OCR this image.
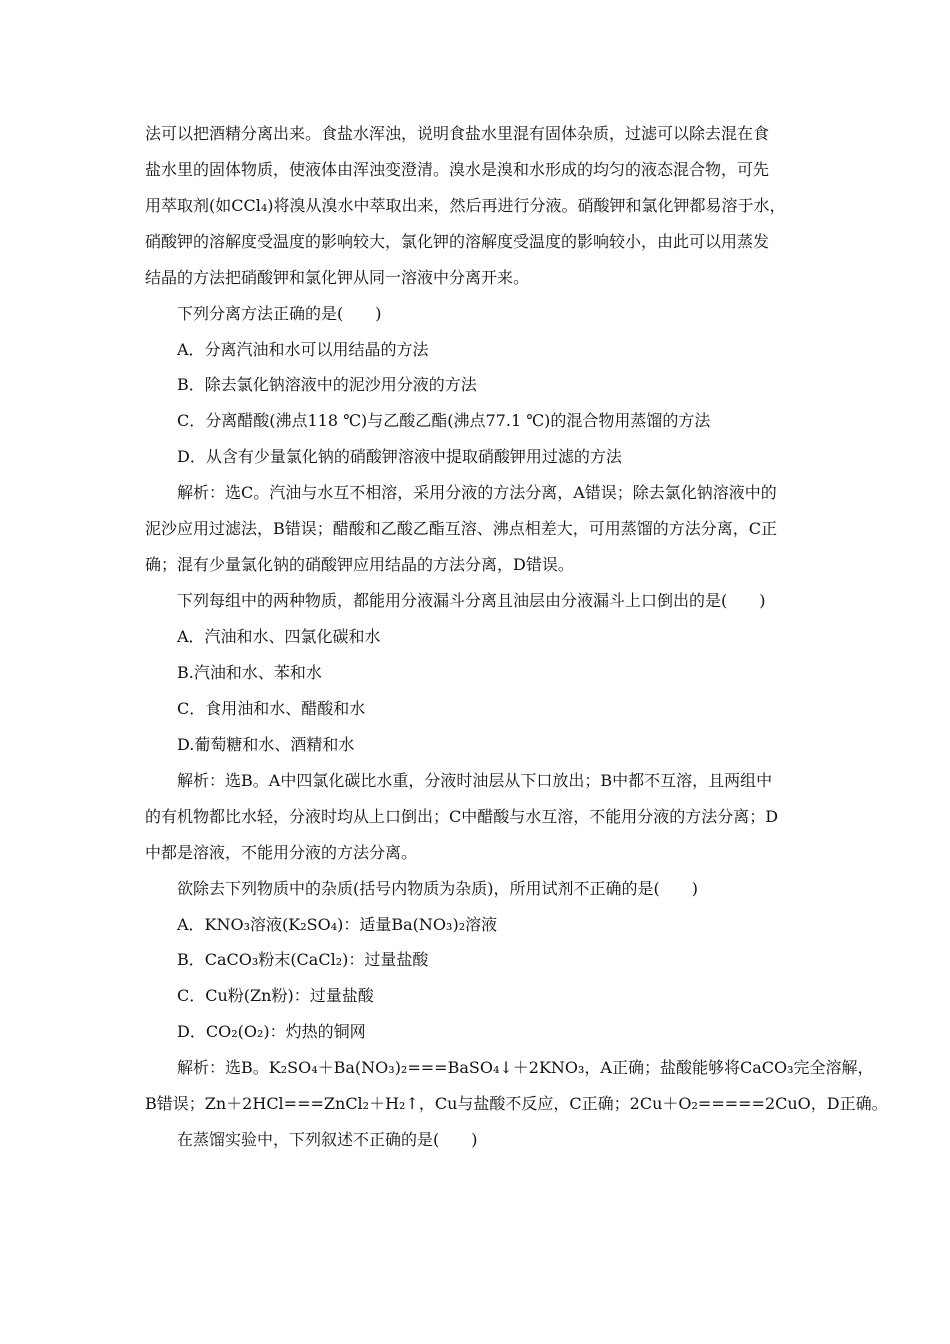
法可以把酒精分离出来。食盐水浑浊，说明食盐水里混有固体杂质，过滤可以除去混在食
盐水里的固体物质，使液体由浑浊变澄清。溴水是溴和水形成的均匀的液态混合物，可先
用萃取剂(如CCl₄)将溴从溴水中萃取出来，然后再进行分液。硝酸钾和氯化钾都易溶于水，
硝酸钾的溶解度受温度的影响较大，氯化钾的溶解度受温度的影响较小，由此可以用蒸发
结晶的方法把硝酸钾和氯化钾从同一溶液中分离开来。
下列分离方法正确的是(　　)
A．分离汽油和水可以用结晶的方法
B．除去氯化钠溶液中的泥沙用分液的方法
C．分离醋酸(沸点118 ℃)与乙酸乙酯(沸点77.1 ℃)的混合物用蒸馏的方法
D．从含有少量氯化钠的硝酸钾溶液中提取硝酸钾用过滤的方法
解析：选C。汽油与水互不相溶，采用分液的方法分离，A错误；除去氯化钠溶液中的
泥沙应用过滤法，B错误；醋酸和乙酸乙酯互溶、沸点相差大，可用蒸馏的方法分离，C正
确；混有少量氯化钠的硝酸钾应用结晶的方法分离，D错误。
下列每组中的两种物质，都能用分液漏斗分离且油层由分液漏斗上口倒出的是(　　)
A．汽油和水、四氯化碳和水
B.汽油和水、苯和水
C．食用油和水、醋酸和水
D.葡萄糖和水、酒精和水
解析：选B。A中四氯化碳比水重，分液时油层从下口放出；B中都不互溶，且两组中
的有机物都比水轻，分液时均从上口倒出；C中醋酸与水互溶，不能用分液的方法分离；D
中都是溶液，不能用分液的方法分离。
欲除去下列物质中的杂质(括号内物质为杂质)，所用试剂不正确的是(　　)
A．KNO₃溶液(K₂SO₄)：适量Ba(NO₃)₂溶液
B．CaCO₃粉末(CaCl₂)：过量盐酸
C．Cu粉(Zn粉)：过量盐酸
D．CO₂(O₂)：灼热的铜网
解析：选B。K₂SO₄＋Ba(NO₃)₂===BaSO₄↓＋2KNO₃，A正确；盐酸能够将CaCO₃完全溶解，
B错误；Zn＋2HCl===ZnCl₂＋H₂↑，Cu与盐酸不反应，C正确；2Cu＋O₂=====2CuO，D正确。
在蒸馏实验中，下列叙述不正确的是(　　)
